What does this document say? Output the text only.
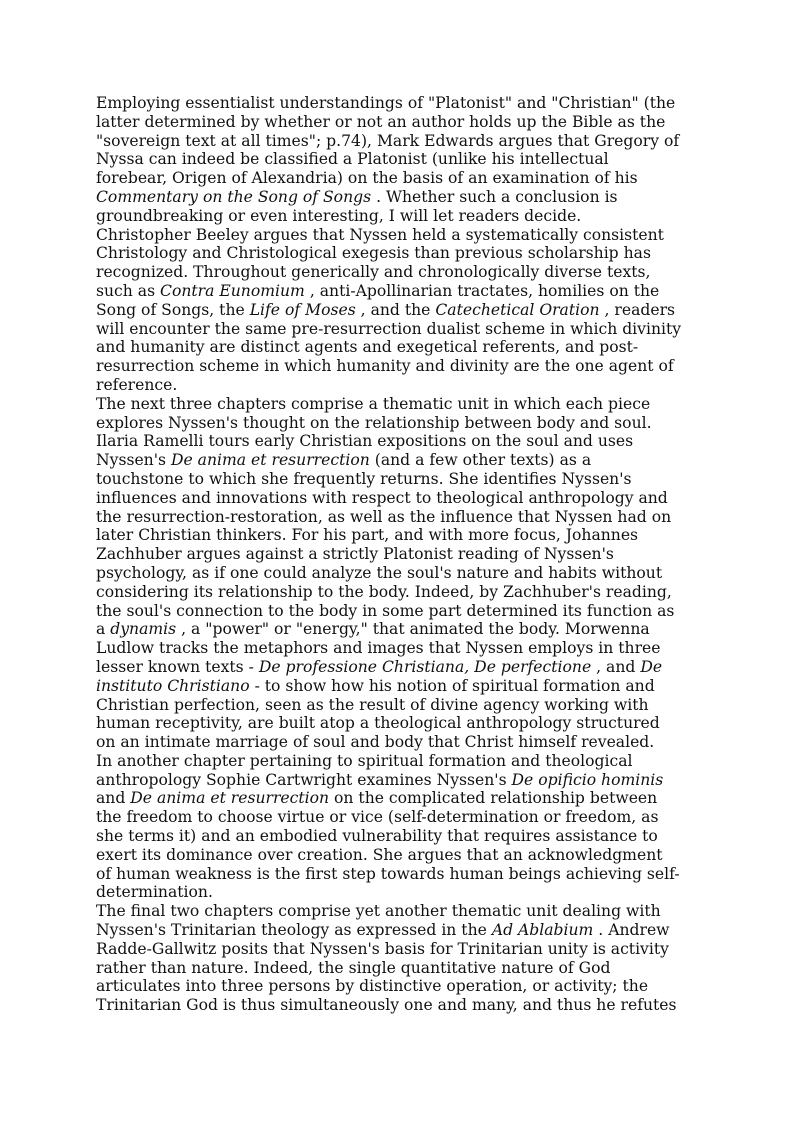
Employing essentialist understandings of "Platonist" and "Christian" (the
latter determined by whether or not an author holds up the Bible as the
"sovereign text at all times"; p.74), Mark Edwards argues that Gregory of
Nyssa can indeed be classified a Platonist (unlike his intellectual
forebear, Origen of Alexandria) on the basis of an examination of his
Commentary on the Song of Songs . Whether such a conclusion is
groundbreaking or even interesting, I will let readers decide.
Christopher Beeley argues that Nyssen held a systematically consistent
Christology and Christological exegesis than previous scholarship has
recognized. Throughout generically and chronologically diverse texts,
such as Contra Eunomium , anti-Apollinarian tractates, homilies on the
Song of Songs, the Life of Moses , and the Catechetical Oration , readers
will encounter the same pre-resurrection dualist scheme in which divinity
and humanity are distinct agents and exegetical referents, and post-
resurrection scheme in which humanity and divinity are the one agent of
reference.
The next three chapters comprise a thematic unit in which each piece
explores Nyssen's thought on the relationship between body and soul.
Ilaria Ramelli tours early Christian expositions on the soul and uses
Nyssen's De anima et resurrection (and a few other texts) as a
touchstone to which she frequently returns. She identifies Nyssen's
influences and innovations with respect to theological anthropology and
the resurrection-restoration, as well as the influence that Nyssen had on
later Christian thinkers. For his part, and with more focus, Johannes
Zachhuber argues against a strictly Platonist reading of Nyssen's
psychology, as if one could analyze the soul's nature and habits without
considering its relationship to the body. Indeed, by Zachhuber's reading,
the soul's connection to the body in some part determined its function as
a dynamis , a "power" or "energy," that animated the body. Morwenna
Ludlow tracks the metaphors and images that Nyssen employs in three
lesser known texts - De professione Christiana, De perfectione , and De
instituto Christiano - to show how his notion of spiritual formation and
Christian perfection, seen as the result of divine agency working with
human receptivity, are built atop a theological anthropology structured
on an intimate marriage of soul and body that Christ himself revealed.
In another chapter pertaining to spiritual formation and theological
anthropology Sophie Cartwright examines Nyssen's De opificio hominis
and De anima et resurrection on the complicated relationship between
the freedom to choose virtue or vice (self-determination or freedom, as
she terms it) and an embodied vulnerability that requires assistance to
exert its dominance over creation. She argues that an acknowledgment
of human weakness is the first step towards human beings achieving self-
determination.
The final two chapters comprise yet another thematic unit dealing with
Nyssen's Trinitarian theology as expressed in the Ad Ablabium . Andrew
Radde-Gallwitz posits that Nyssen's basis for Trinitarian unity is activity
rather than nature. Indeed, the single quantitative nature of God
articulates into three persons by distinctive operation, or activity; the
Trinitarian God is thus simultaneously one and many, and thus he refutes
